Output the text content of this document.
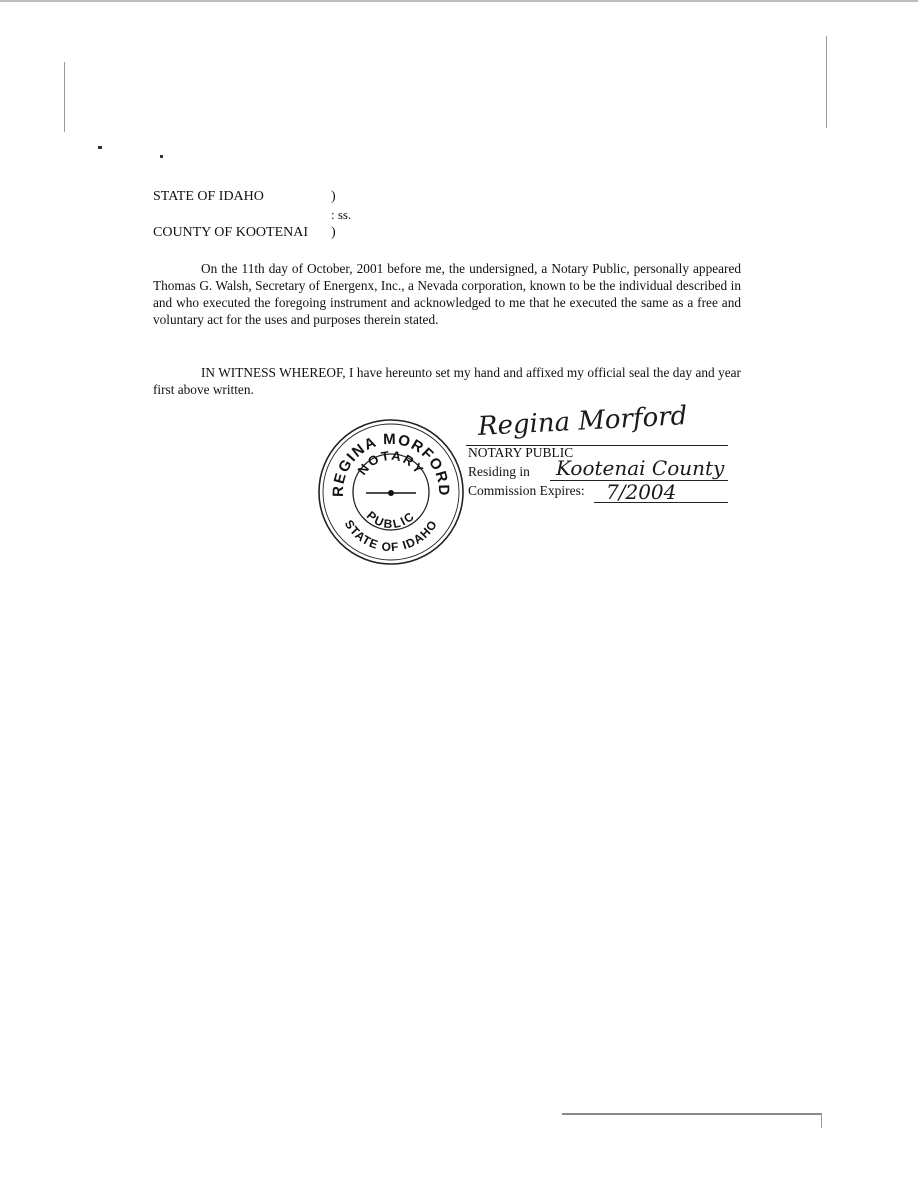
STATE OF IDAHO	)
: ss.
COUNTY OF KOOTENAI )

On the 11th day of October, 2001 before me, the undersigned, a Notary Public, personally appeared Thomas G. Walsh, Secretary of Energenx, Inc., a Nevada corporation, known to be the individual described in and who executed the foregoing instrument and acknowledged to me that he executed the same as a free and voluntary act for the uses and purposes therein stated.

IN WITNESS WHEREOF, I have hereunto set my hand and affixed my official seal the day and year first above written.

REGINA MORFORD
STATE OF IDAHO
NOTARY
PUBLIC
Regina Morford
NOTARY PUBLIC
Residing in Kootenai County
Commission Expires: 7/2004
